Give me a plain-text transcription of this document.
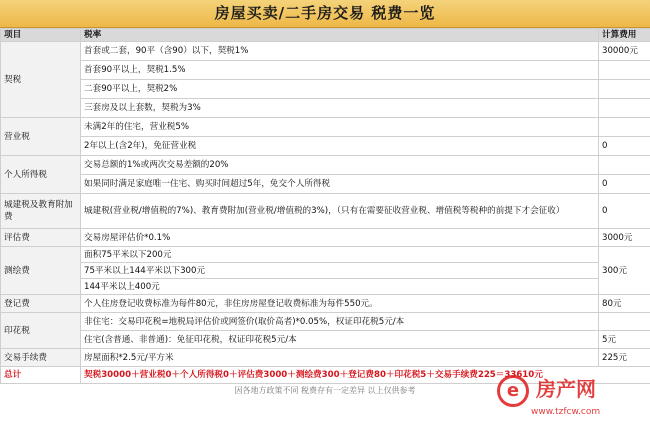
房屋买卖/二手房交易 税费一览
项目	税率	计算费用
契税	首套或二套，90平（含90）以下，契税1%	30000元
	首套90平以上，契税1.5%	
	二套90平以上，契税2%	
	三套房及以上套数，契税为3%	
营业税	未满2年的住宅，营业税5%	
	2年以上(含2年)，免征营业税	0
个人所得税	交易总额的1%或两次交易差额的20%	
	如果同时满足家庭唯一住宅、购买时间超过5年，免交个人所得税	0
城建税及教育附加费	城建税(营业税/增值税的7%)、教育费附加(营业税/增值税的3%)，（只有在需要征收营业税、增值税等税种的前提下才会征收）	0
评估费	交易房屋评估价*0.1%	3000元
测绘费	面积75平米以下200元	300元
	75平米以上144平米以下300元	
	144平米以上400元	
登记费	个人住房登记收费标准为每件80元，非住房房屋登记收费标准为每件550元。	80元
印花税	非住宅：交易印花税=地税局评估价或网签价(取价高者)*0.05%，权证印花税5元/本	
	住宅(含普通、非普通)：免征印花税，权证印花税5元/本	5元
交易手续费	房屋面积*2.5元/平方米	225元
总计	契税30000＋营业税0＋个人所得税0＋评估费3000＋测绘费300＋登记费80＋印花税5＋交易手续费225＝33610元	
因各地方政策不同 税费存有一定差异 以上仅供参考	e 房产网
www.tzfcw.com
